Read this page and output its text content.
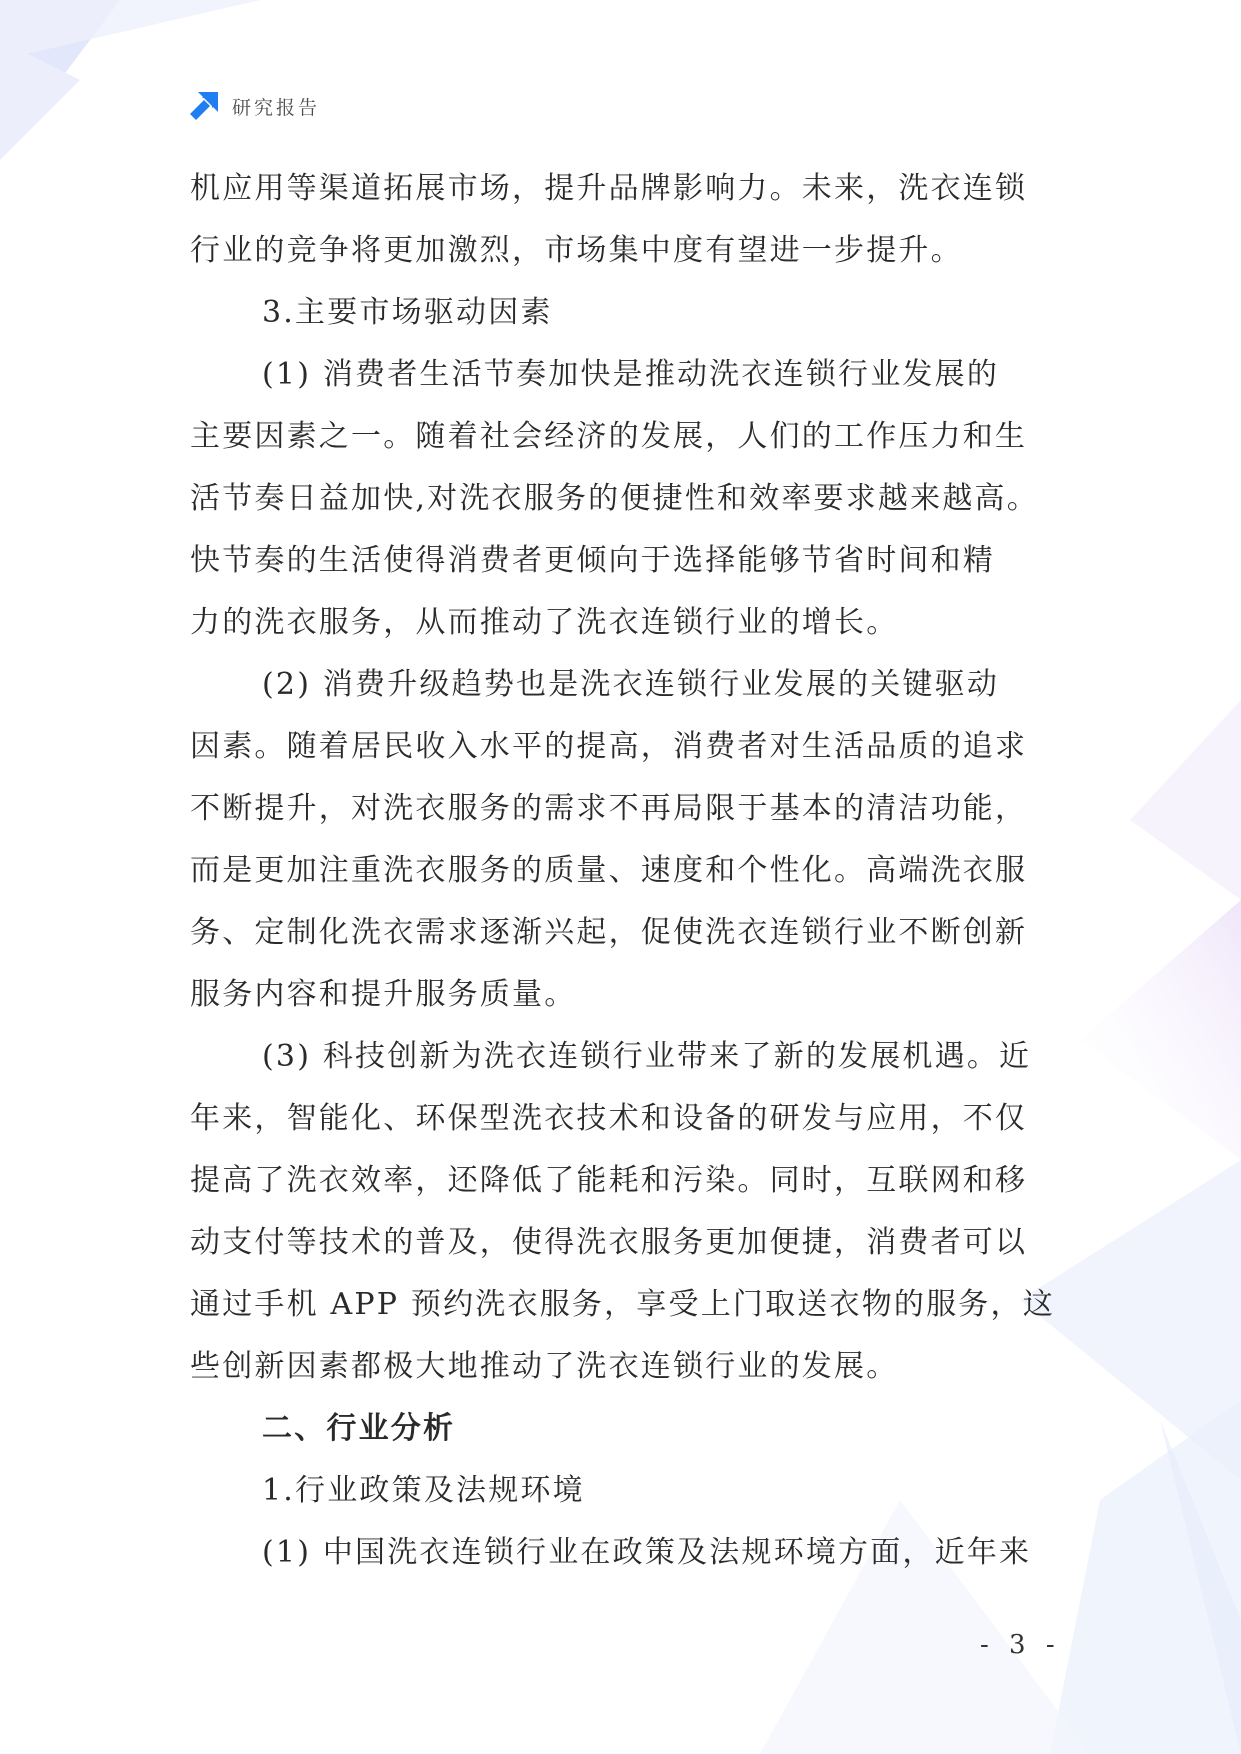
研究报告
机应用等渠道拓展市场，提升品牌影响力。未来，洗衣连锁
行业的竞争将更加激烈，市场集中度有望进一步提升。
3.主要市场驱动因素
(1) 消费者生活节奏加快是推动洗衣连锁行业发展的
主要因素之一。随着社会经济的发展，人们的工作压力和生
活节奏日益加快,对洗衣服务的便捷性和效率要求越来越高。
快节奏的生活使得消费者更倾向于选择能够节省时间和精
力的洗衣服务，从而推动了洗衣连锁行业的增长。
(2) 消费升级趋势也是洗衣连锁行业发展的关键驱动
因素。随着居民收入水平的提高，消费者对生活品质的追求
不断提升，对洗衣服务的需求不再局限于基本的清洁功能，
而是更加注重洗衣服务的质量、速度和个性化。高端洗衣服
务、定制化洗衣需求逐渐兴起，促使洗衣连锁行业不断创新
服务内容和提升服务质量。
(3) 科技创新为洗衣连锁行业带来了新的发展机遇。近
年来，智能化、环保型洗衣技术和设备的研发与应用，不仅
提高了洗衣效率，还降低了能耗和污染。同时，互联网和移
动支付等技术的普及，使得洗衣服务更加便捷，消费者可以
通过手机 APP 预约洗衣服务，享受上门取送衣物的服务，这
些创新因素都极大地推动了洗衣连锁行业的发展。
二、行业分析
1.行业政策及法规环境
(1) 中国洗衣连锁行业在政策及法规环境方面，近年来
- 3 -
